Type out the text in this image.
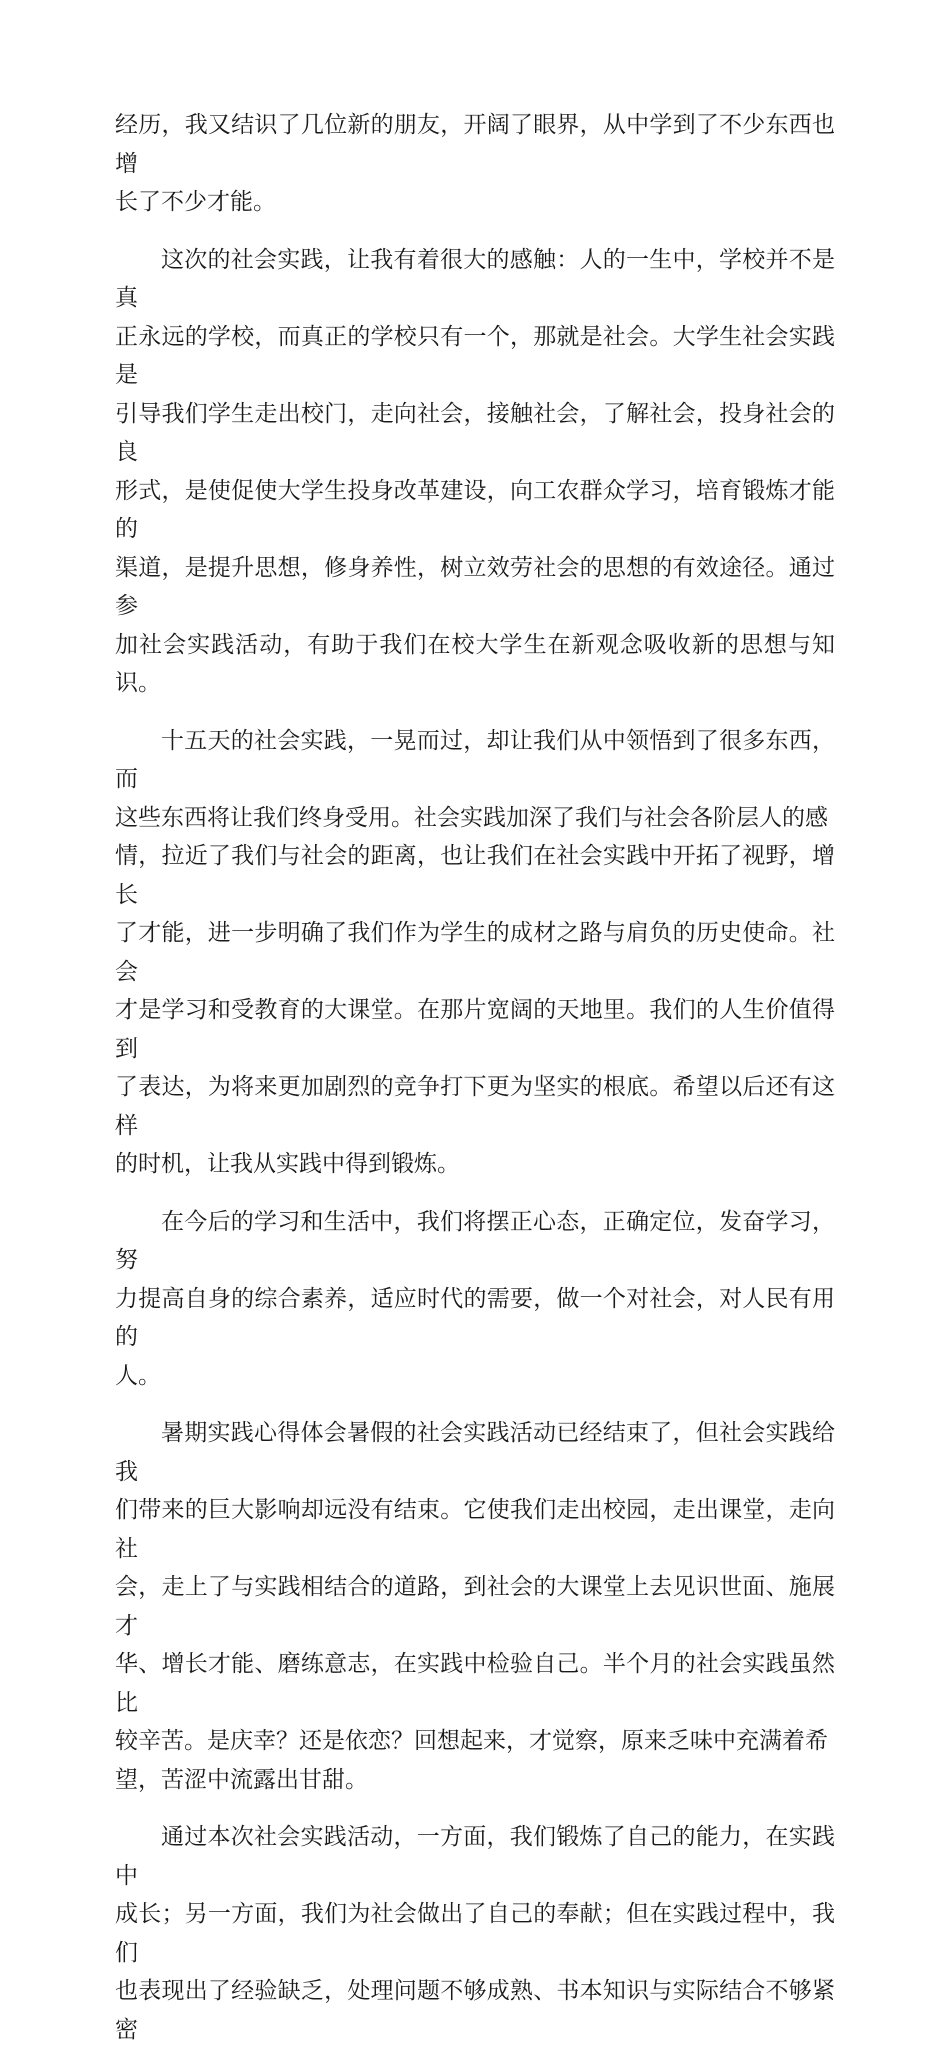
经历，我又结识了几位新的朋友，开阔了眼界，从中学到了不少东西也增
长了不少才能。

这次的社会实践，让我有着很大的感触：人的一生中，学校并不是真
正永远的学校，而真正的学校只有一个，那就是社会。大学生社会实践是
引导我们学生走出校门，走向社会，接触社会，了解社会，投身社会的良
形式，是使促使大学生投身改革建设，向工农群众学习，培育锻炼才能的
渠道，是提升思想，修身养性，树立效劳社会的思想的有效途径。通过参
加社会实践活动，有助于我们在校大学生在新观念吸收新的思想与知识。

十五天的社会实践，一晃而过，却让我们从中领悟到了很多东西，而
这些东西将让我们终身受用。社会实践加深了我们与社会各阶层人的感
情，拉近了我们与社会的距离，也让我们在社会实践中开拓了视野，增长
了才能，进一步明确了我们作为学生的成材之路与肩负的历史使命。社会
才是学习和受教育的大课堂。在那片宽阔的天地里。我们的人生价值得到
了表达，为将来更加剧烈的竞争打下更为坚实的根底。希望以后还有这样
的时机，让我从实践中得到锻炼。

在今后的学习和生活中，我们将摆正心态，正确定位，发奋学习，努
力提高自身的综合素养，适应时代的需要，做一个对社会，对人民有用的
人。

暑期实践心得体会暑假的社会实践活动已经结束了，但社会实践给我
们带来的巨大影响却远没有结束。它使我们走出校园，走出课堂，走向社
会，走上了与实践相结合的道路，到社会的大课堂上去见识世面、施展才
华、增长才能、磨练意志，在实践中检验自己。半个月的社会实践虽然比
较辛苦。是庆幸？还是依恋？回想起来，才觉察，原来乏味中充满着希
望，苦涩中流露出甘甜。

通过本次社会实践活动，一方面，我们锻炼了自己的能力，在实践中
成长；另一方面，我们为社会做出了自己的奉献；但在实践过程中，我们
也表现出了经验缺乏，处理问题不够成熟、书本知识与实际结合不够紧密
